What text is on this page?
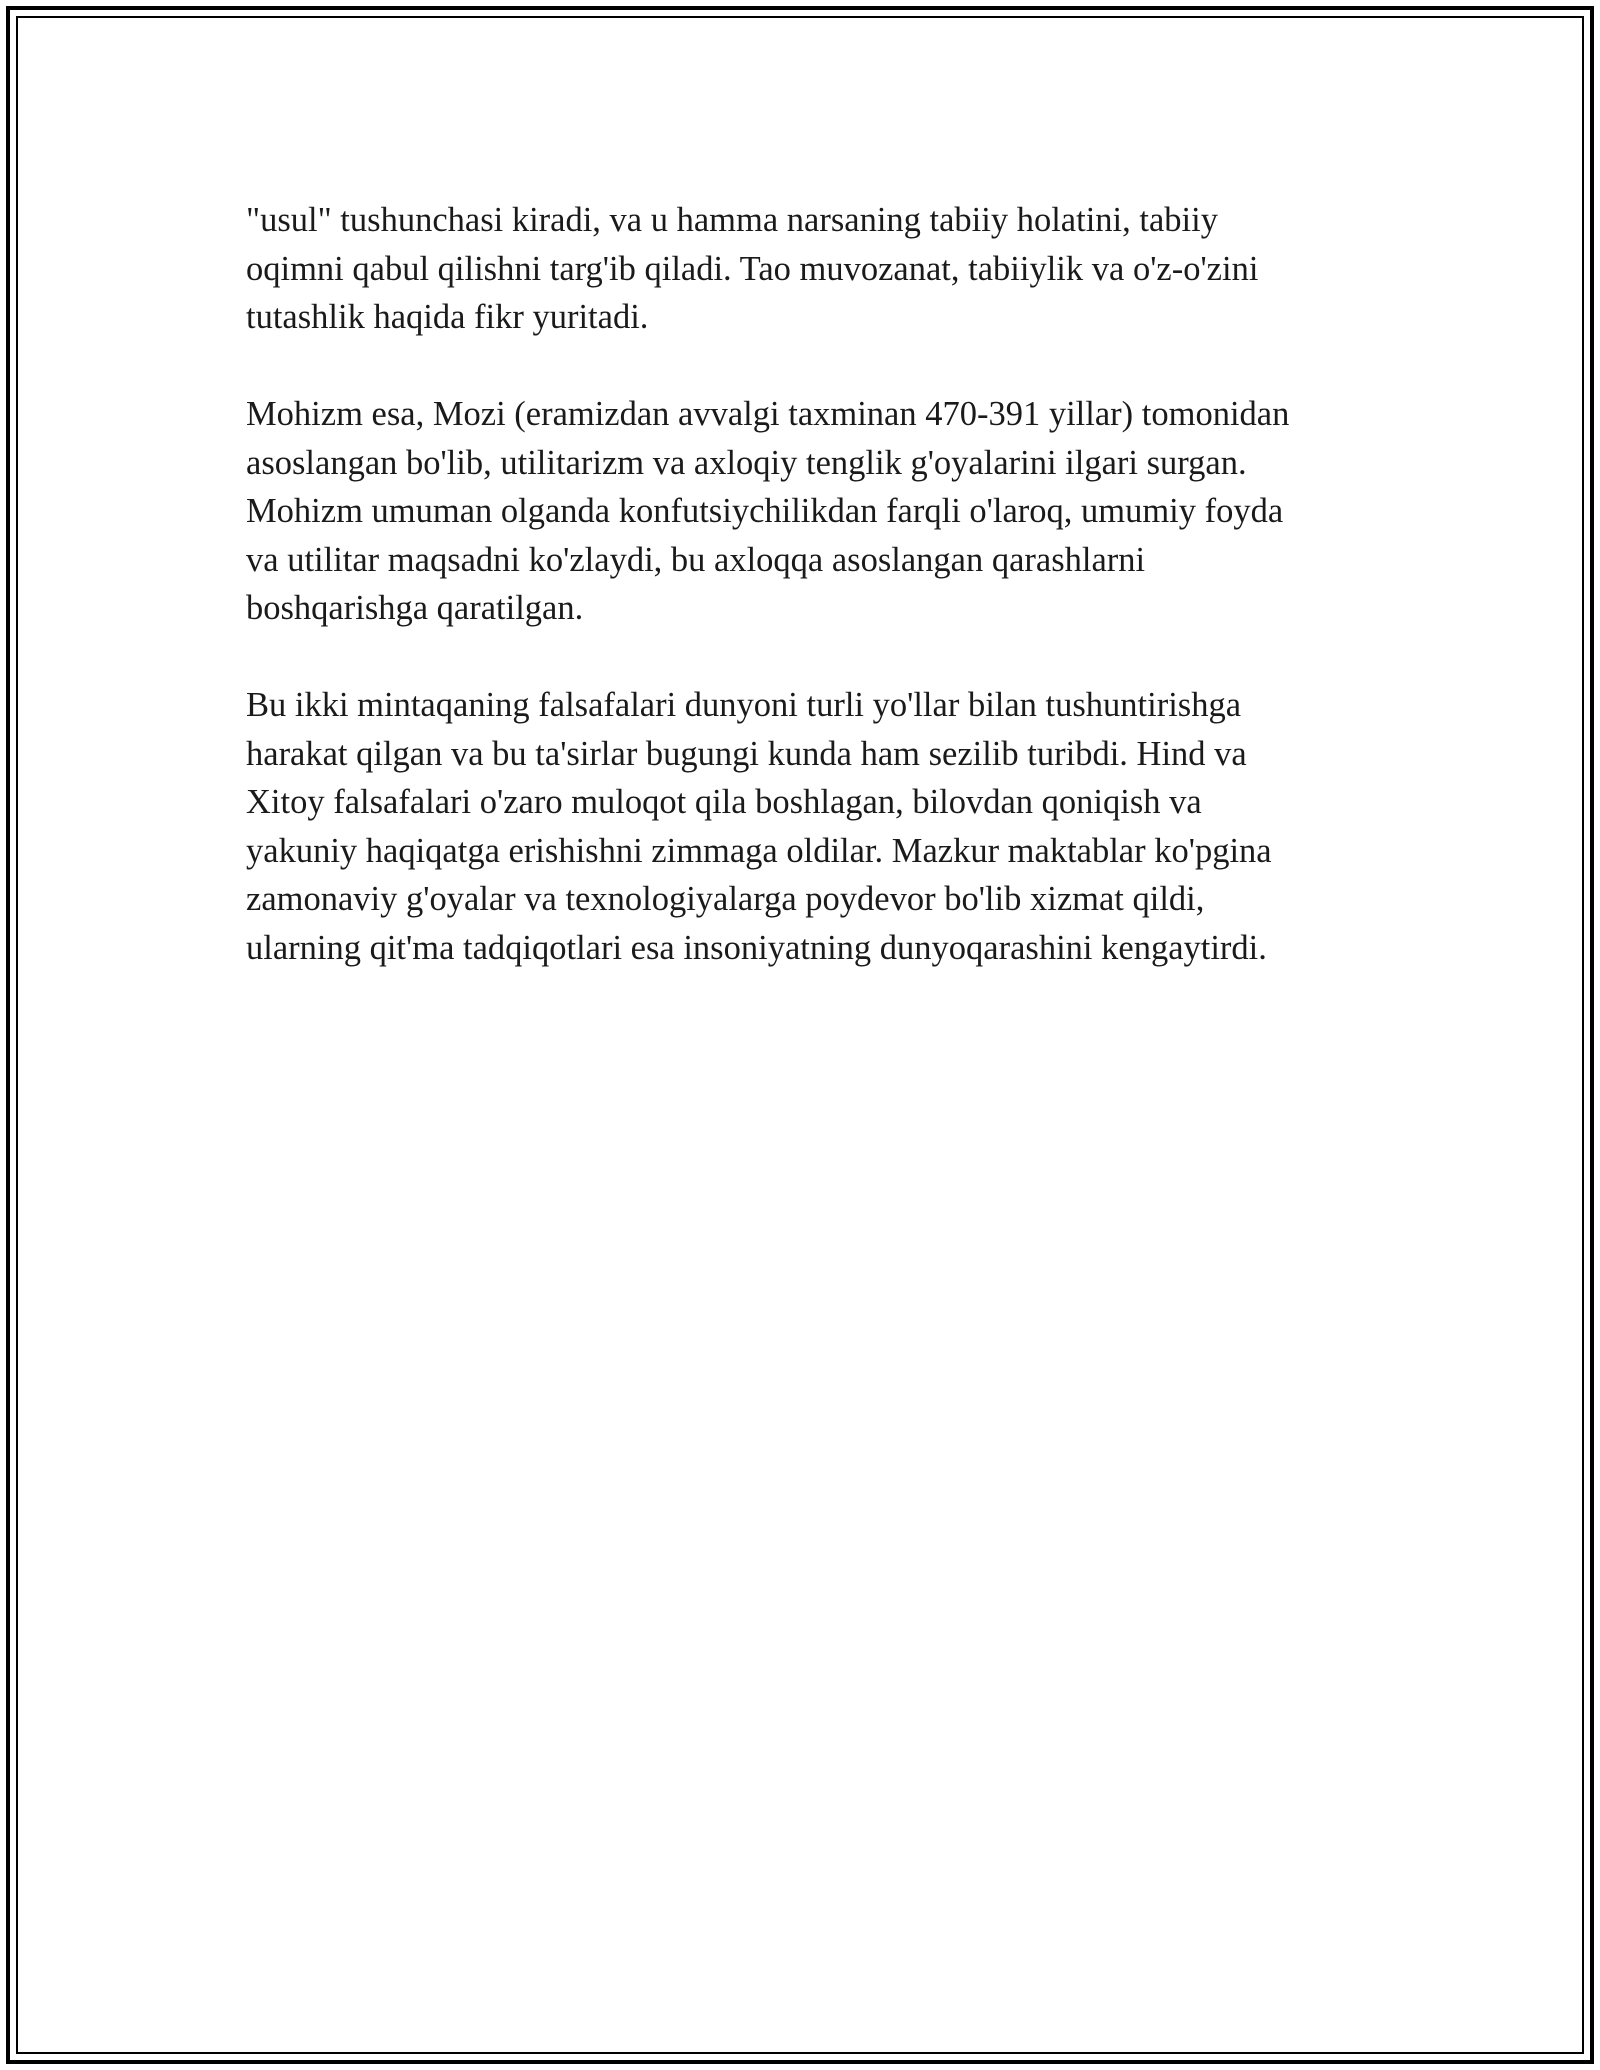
"usul" tushunchasi kiradi, va u hamma narsaning tabiiy holatini, tabiiy
oqimni qabul qilishni targ'ib qiladi. Tao muvozanat, tabiiylik va o'z-o'zini
tutashlik haqida fikr yuritadi.

Mohizm esa, Mozi (eramizdan avvalgi taxminan 470-391 yillar) tomonidan
asoslangan bo'lib, utilitarizm va axloqiy tenglik g'oyalarini ilgari surgan.
Mohizm umuman olganda konfutsiychilikdan farqli o'laroq, umumiy foyda
va utilitar maqsadni ko'zlaydi, bu axloqqa asoslangan qarashlarni
boshqarishga qaratilgan.

Bu ikki mintaqaning falsafalari dunyoni turli yo'llar bilan tushuntirishga
harakat qilgan va bu ta'sirlar bugungi kunda ham sezilib turibdi. Hind va
Xitoy falsafalari o'zaro muloqot qila boshlagan, bilovdan qoniqish va
yakuniy haqiqatga erishishni zimmaga oldilar. Mazkur maktablar ko'pgina
zamonaviy g'oyalar va texnologiyalarga poydevor bo'lib xizmat qildi,
ularning qit'ma tadqiqotlari esa insoniyatning dunyoqarashini kengaytirdi.
